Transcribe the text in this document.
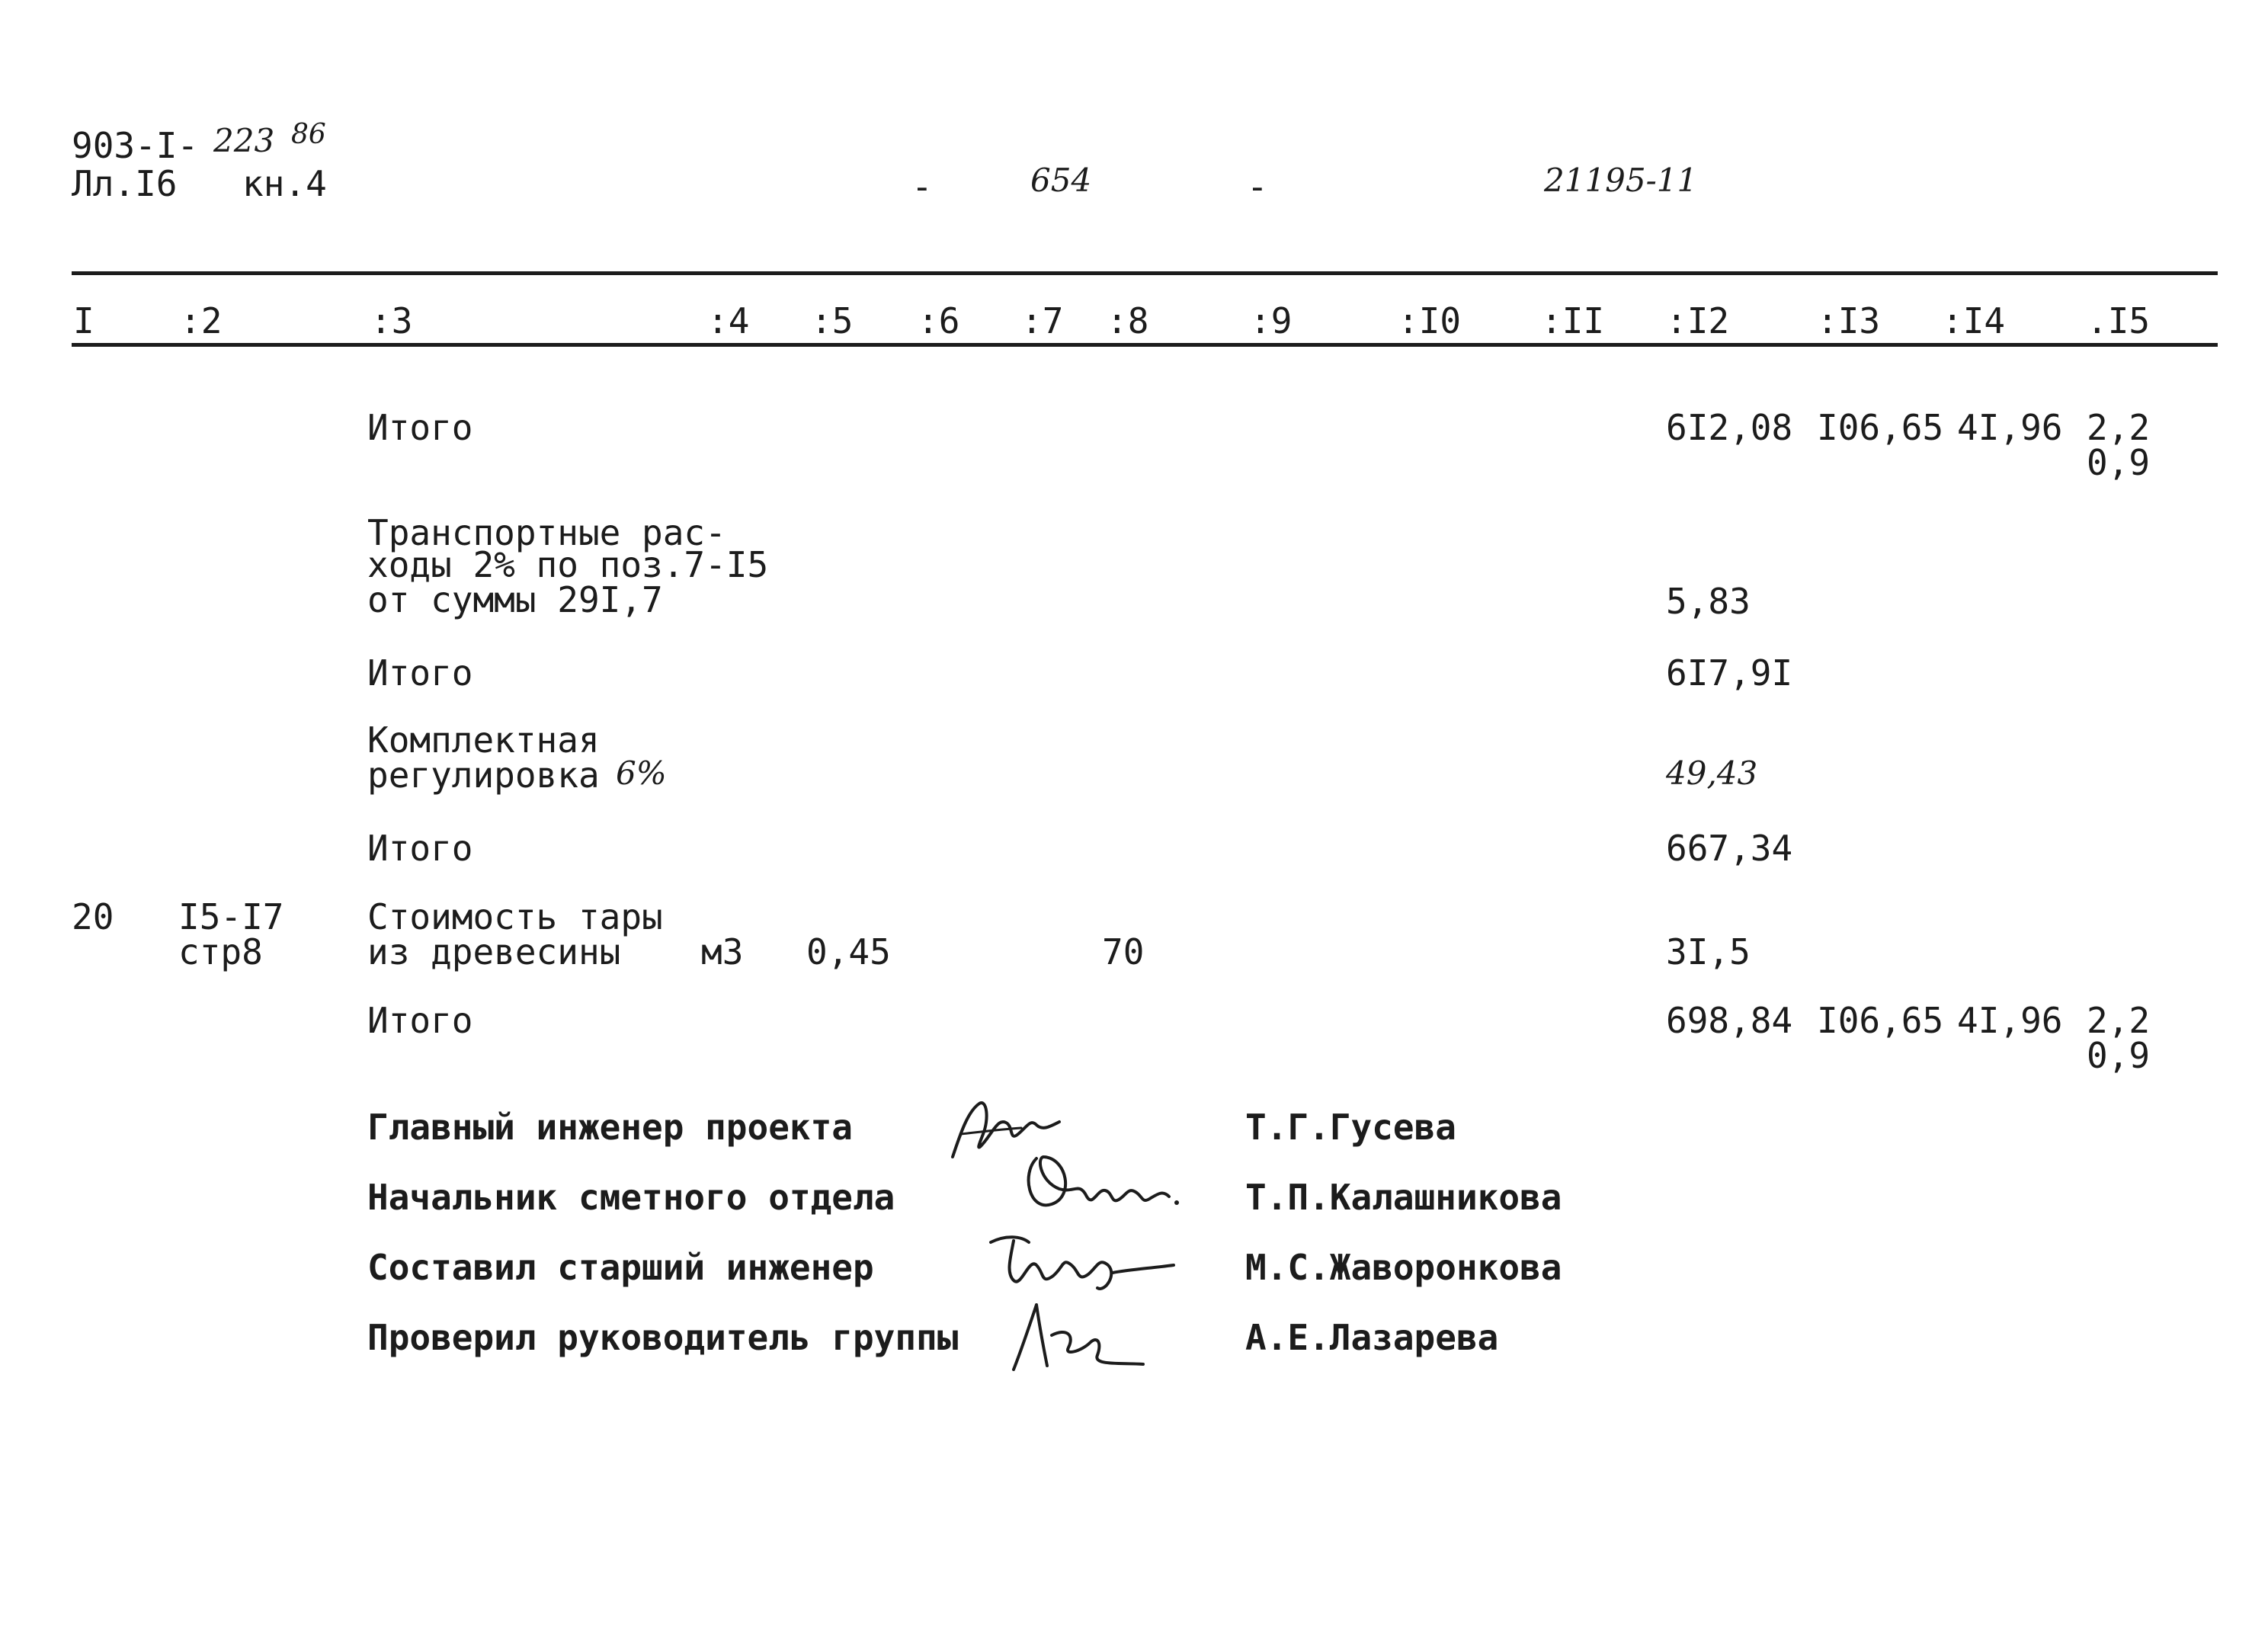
903-I- 223 86
Лл.I6 кн.4	-	654	-	21195-11
I :2	:3	:4 :5 :6 :7 :8	:9	:I0 :II :I2 :I3 :I4 .I5
Итого	6I2,08 I06,65 4I,96 2,2
0,9
Транспортные рас-
ходы 2% по поз.7-I5
от суммы 29I,7	5,83
Итого	6I7,9I
Комплектная
регулировка 6%	49,43
Итого	667,34
20 I5-I7
стр8
Стоимость тары
из древесины м3 0,45	70	3I,5
Итого	698,84 I06,65 4I,96 2,2
0,9
Главный инженер проекта	Т.Г.Гусева
Начальник сметного отдела	Т.П.Калашникова
Составил старший инженер	М.С.Жаворонкова
Проверил руководитель группы	А.Е.Лазарева
